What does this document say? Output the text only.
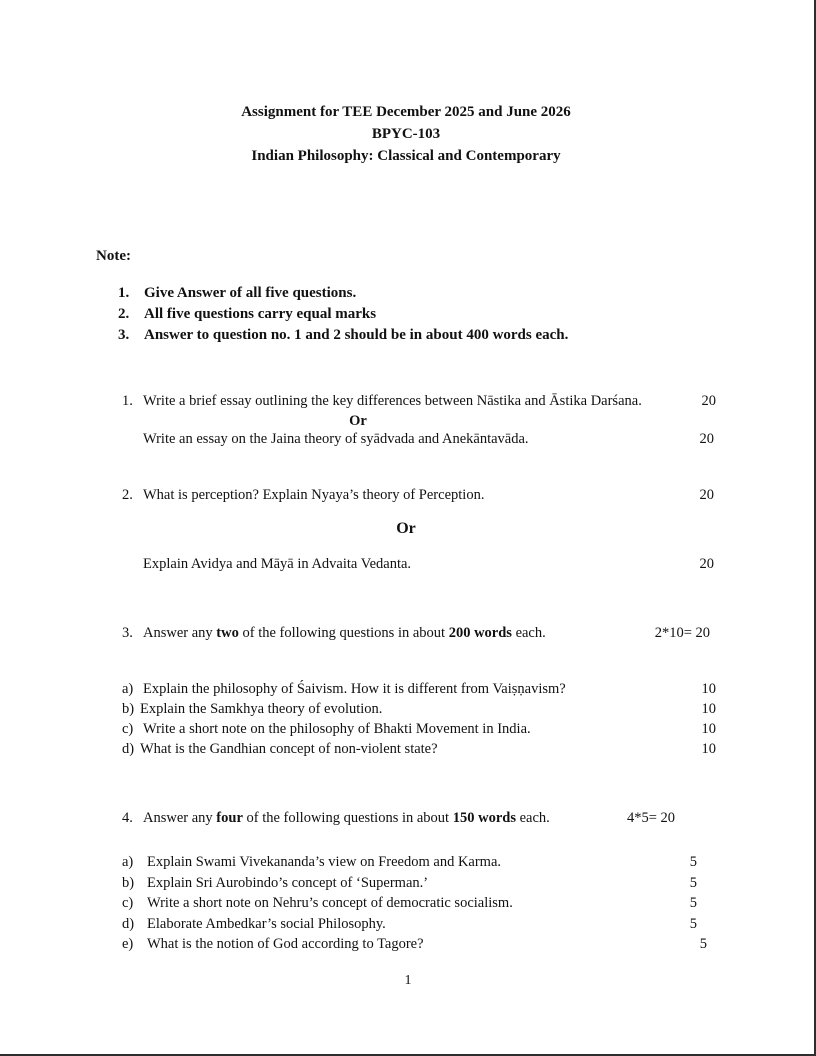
Assignment for TEE December 2025 and June 2026
BPYC-103
Indian Philosophy: Classical and Contemporary
Note:
1. Give Answer of all five questions.
2. All five questions carry equal marks
3. Answer to question no. 1 and 2 should be in about 400 words each.
1. Write a brief essay outlining the key differences between Nāstika and Āstika Darśana.	20
Or
Write an essay on the Jaina theory of syādvada and Anekāntavāda.	20
2. What is perception? Explain Nyaya’s theory of Perception.	20
Or
Explain Avidya and Māyā in Advaita Vedanta.	20
3. Answer any two of the following questions in about 200 words each.	2*10= 20
a) Explain the philosophy of Śaivism. How it is different from Vaiṣṇavism?	10
b) Explain the Samkhya theory of evolution.	10
c) Write a short note on the philosophy of Bhakti Movement in India.	10
d) What is the Gandhian concept of non-violent state?	10
4. Answer any four of the following questions in about 150 words each.	4*5= 20
a) Explain Swami Vivekananda’s view on Freedom and Karma.	5
b) Explain Sri Aurobindo’s concept of ‘Superman.’	5
c) Write a short note on Nehru’s concept of democratic socialism.	5
d) Elaborate Ambedkar’s social Philosophy.	5
e) What is the notion of God according to Tagore?	5
1
